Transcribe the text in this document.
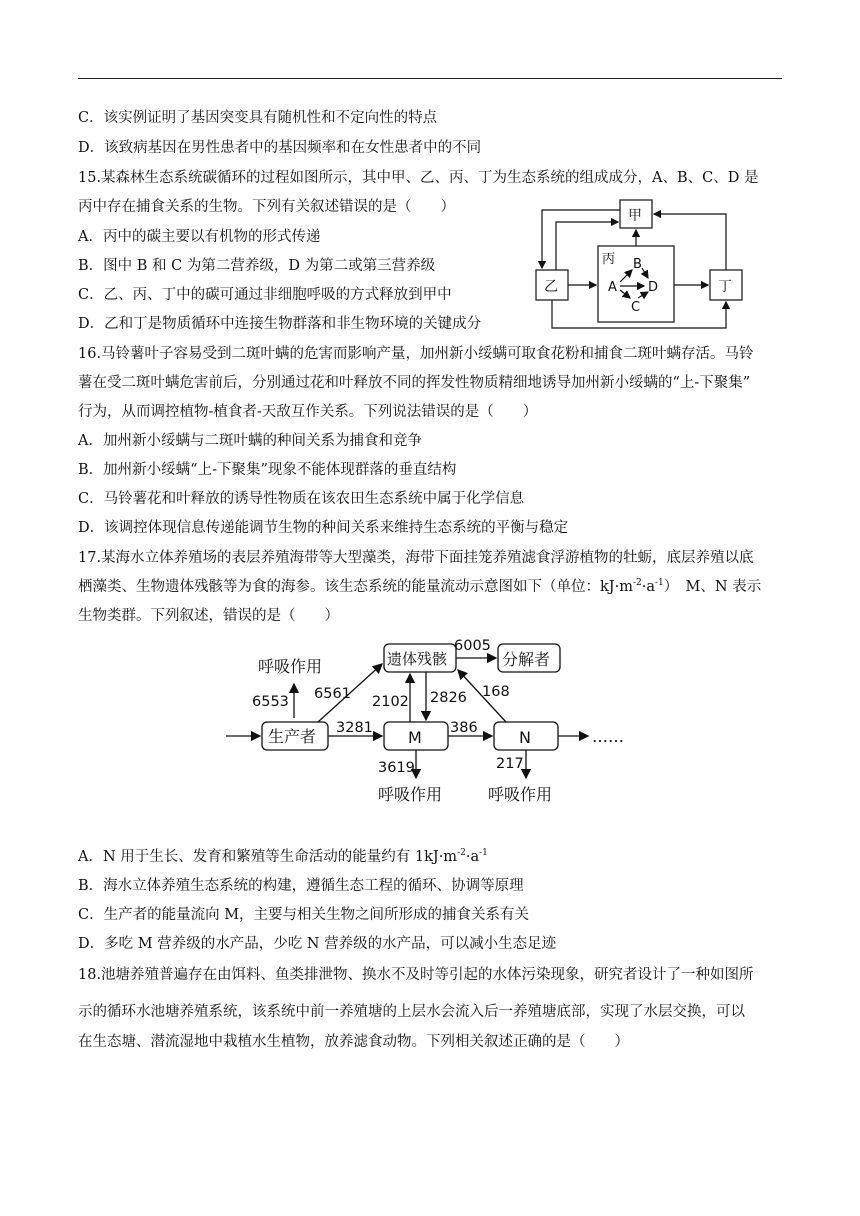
C．该实例证明了基因突变具有随机性和不定向性的特点
D．该致病基因在男性患者中的基因频率和在女性患者中的不同
15.某森林生态系统碳循环的过程如图所示，其中甲、乙、丙、丁为生态系统的组成成分，A、B、C、D 是
丙中存在捕食关系的生物。下列有关叙述错误的是（　　）
A．丙中的碳主要以有机物的形式传递
B．图中 B 和 C 为第二营养级，D 为第二或第三营养级
C．乙、丙、丁中的碳可通过非细胞呼吸的方式释放到甲中
D．乙和丁是物质循环中连接生物群落和非生物环境的关键成分
甲
乙	丁
丙
A
B
D
C
16.马铃薯叶子容易受到二斑叶螨的危害而影响产量，加州新小绥螨可取食花粉和捕食二斑叶螨存活。马铃
薯在受二斑叶螨危害前后，分别通过花和叶释放不同的挥发性物质精细地诱导加州新小绥螨的“上-下聚集”
行为，从而调控植物-植食者-天敌互作关系。下列说法错误的是（　　）
A．加州新小绥螨与二斑叶螨的种间关系为捕食和竞争
B．加州新小绥螨“上-下聚集”现象不能体现群落的垂直结构
C．马铃薯花和叶释放的诱导性物质在该农田生态系统中属于化学信息
D．该调控体现信息传递能调节生物的种间关系来维持生态系统的平衡与稳定
17.某海水立体养殖场的表层养殖海带等大型藻类，海带下面挂笼养殖滤食浮游植物的牡蛎，底层养殖以底
栖藻类、生物遗体残骸等为食的海参。该生态系统的能量流动示意图如下（单位：$kJ\cdot m^{-2}\cdot a^{-1}$）　M、N 表示
生物类群。下列叙述，错误的是（　　）
生产者	M	N
遗体残骸	分解者
呼吸作用
呼吸作用	呼吸作用
……
6553 6561
6005
2102 2826 168
3281	386
3619	217
A．N 用于生长、发育和繁殖等生命活动的能量约有 $1kJ\cdot m^{-2}\cdot a^{-1}$
B．海水立体养殖生态系统的构建，遵循生态工程的循环、协调等原理
C．生产者的能量流向 M，主要与相关生物之间所形成的捕食关系有关
D．多吃 M 营养级的水产品，少吃 N 营养级的水产品，可以减小生态足迹
18.池塘养殖普遍存在由饵料、鱼类排泄物、换水不及时等引起的水体污染现象，研究者设计了一种如图所
示的循环水池塘养殖系统，该系统中前一养殖塘的上层水会流入后一养殖塘底部，实现了水层交换，可以
在生态塘、潜流湿地中栽植水生植物，放养滤食动物。下列相关叙述正确的是（　　）
